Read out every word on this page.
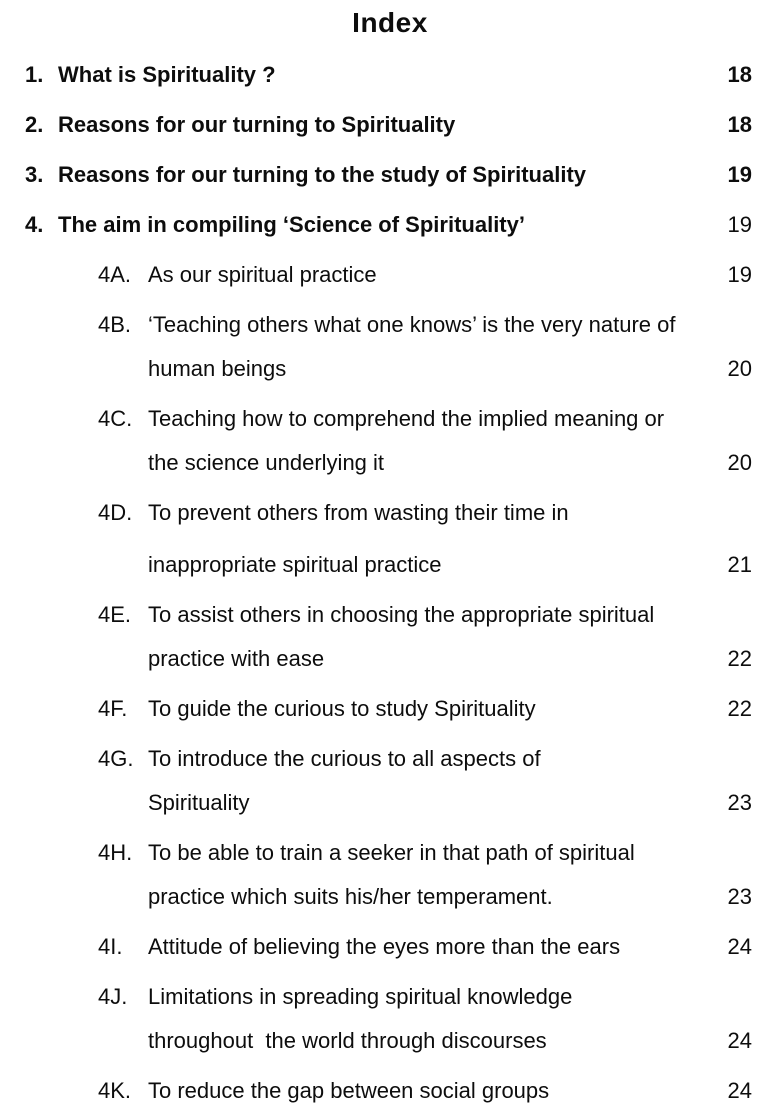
Index
1. What is Spirituality ?	18
2. Reasons for our turning to Spirituality	18
3. Reasons for our turning to the study of Spirituality	19
4. The aim in compiling ‘Science of Spirituality’	19
4A. As our spiritual practice	19
4B. ‘Teaching others what one knows’ is the very nature of
human beings	20
4C. Teaching how to comprehend the implied meaning or
the science underlying it	20
4D. To prevent others from wasting their time in
inappropriate spiritual practice	21
4E. To assist others in choosing the appropriate spiritual
practice with ease	22
4F. To guide the curious to study Spirituality	22
4G. To introduce the curious to all aspects of
Spirituality	23
4H. To be able to train a seeker in that path of spiritual
practice which suits his/her temperament.	23
4I.	Attitude of believing the eyes more than the ears	24
4J. Limitations in spreading spiritual knowledge
throughout  the world through discourses	24
4K. To reduce the gap between social groups	24
